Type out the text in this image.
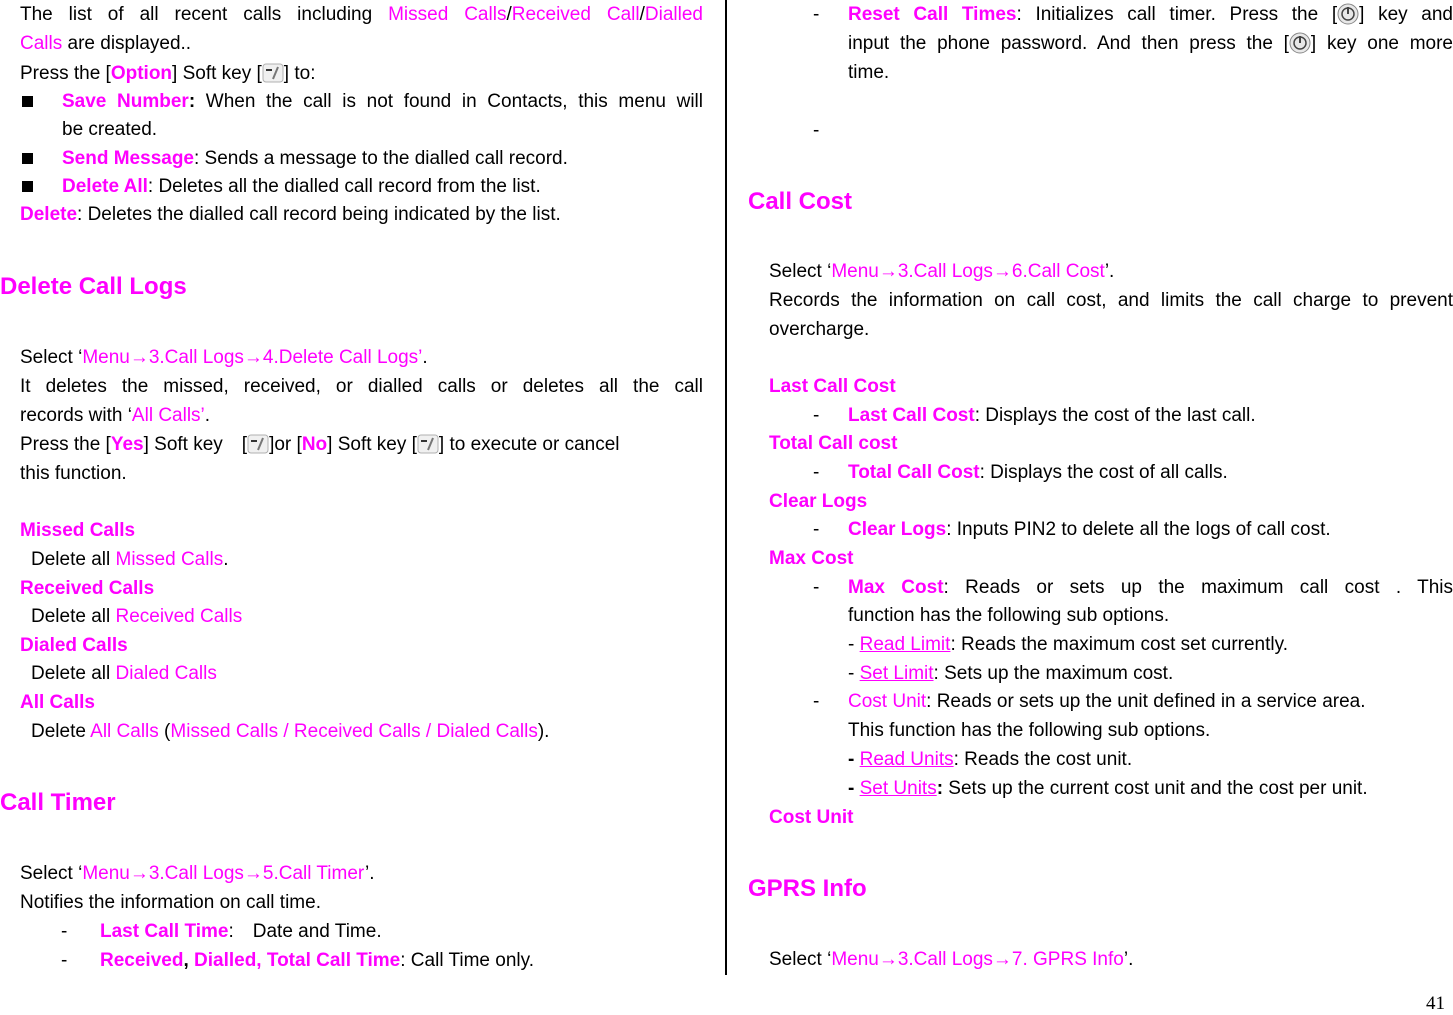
The list of all recent calls including Missed Calls/Received Call/Dialled
Calls are displayed..
Press the [Option] Soft key [ ] to:
Save Number: When the call is not found in Contacts, this menu will
be created.
Send Message: Sends a message to the dialled call record.
Delete All: Deletes all the dialled call record from the list.
Delete: Deletes the dialled call record being indicated by the list.
Delete Call Logs
Select ‘Menu→3.Call Logs→4.Delete Call Logs’.
It deletes the missed, received, or dialled calls or deletes all the call
records with ‘All Calls’.
Press the [Yes] Soft key [ ]or [No] Soft key [ ] to execute or cancel
this function.
Missed Calls
Delete all Missed Calls.
Received Calls
Delete all Received Calls
Dialed Calls
Delete all Dialed Calls
All Calls
Delete All Calls (Missed Calls / Received Calls / Dialed Calls).
Call Timer
Select ‘Menu→3.Call Logs→5.Call Timer’.
Notifies the information on call time.
- Last Call Time: Date and Time.
- Received, Dialled, Total Call Time: Call Time only.
- Reset Call Times: Initializes call timer. Press the [ ] key and
input the phone password. And then press the [ ] key one more
time.
-
Call Cost
Select ‘Menu→3.Call Logs→6.Call Cost’.
Records the information on call cost, and limits the call charge to prevent
overcharge.
Last Call Cost
- Last Call Cost: Displays the cost of the last call.
Total Call cost
- Total Call Cost: Displays the cost of all calls.
Clear Logs
- Clear Logs: Inputs PIN2 to delete all the logs of call cost.
Max Cost
- Max Cost: Reads or sets up the maximum call cost . This
function has the following sub options.
- Read Limit: Reads the maximum cost set currently.
- Set Limit: Sets up the maximum cost.
- Cost Unit: Reads or sets up the unit defined in a service area.
This function has the following sub options.
- Read Units: Reads the cost unit.
- Set Units: Sets up the current cost unit and the cost per unit.
Cost Unit
GPRS Info
Select ‘Menu→3.Call Logs→7. GPRS Info’.
41
